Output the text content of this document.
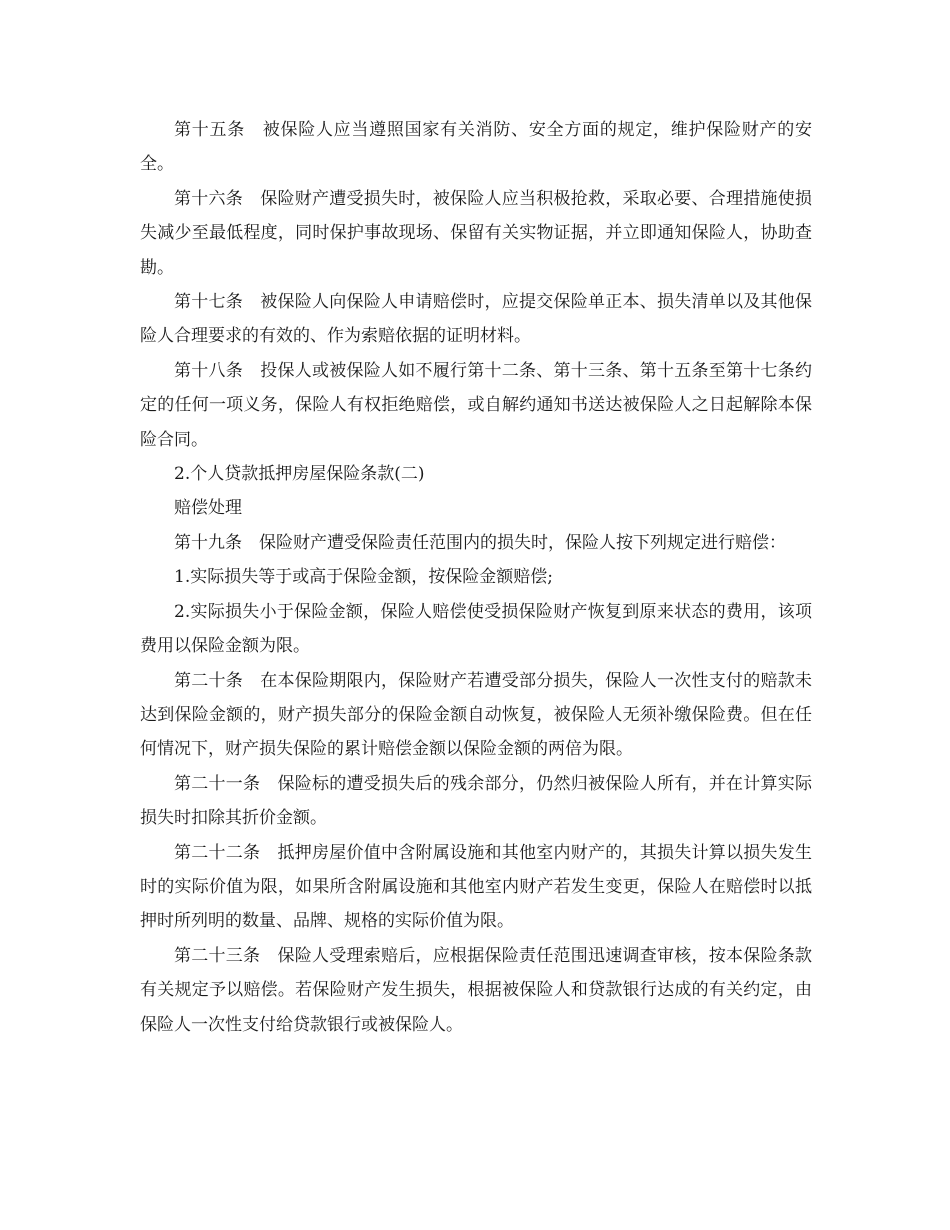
第十五条　被保险人应当遵照国家有关消防、安全方面的规定，维护保险财产的安全。

第十六条　保险财产遭受损失时，被保险人应当积极抢救，采取必要、合理措施使损失减少至最低程度，同时保护事故现场、保留有关实物证据，并立即通知保险人，协助查勘。

第十七条　被保险人向保险人申请赔偿时，应提交保险单正本、损失清单以及其他保险人合理要求的有效的、作为索赔依据的证明材料。

第十八条　投保人或被保险人如不履行第十二条、第十三条、第十五条至第十七条约定的任何一项义务，保险人有权拒绝赔偿，或自解约通知书送达被保险人之日起解除本保险合同。

2.个人贷款抵押房屋保险条款(二)

赔偿处理

第十九条　保险财产遭受保险责任范围内的损失时，保险人按下列规定进行赔偿：

1.实际损失等于或高于保险金额，按保险金额赔偿;

2.实际损失小于保险金额，保险人赔偿使受损保险财产恢复到原来状态的费用，该项费用以保险金额为限。

第二十条　在本保险期限内，保险财产若遭受部分损失，保险人一次性支付的赔款未达到保险金额的，财产损失部分的保险金额自动恢复，被保险人无须补缴保险费。但在任何情况下，财产损失保险的累计赔偿金额以保险金额的两倍为限。

第二十一条　保险标的遭受损失后的残余部分，仍然归被保险人所有，并在计算实际损失时扣除其折价金额。

第二十二条　抵押房屋价值中含附属设施和其他室内财产的，其损失计算以损失发生时的实际价值为限，如果所含附属设施和其他室内财产若发生变更，保险人在赔偿时以抵押时所列明的数量、品牌、规格的实际价值为限。

第二十三条　保险人受理索赔后，应根据保险责任范围迅速调查审核，按本保险条款有关规定予以赔偿。若保险财产发生损失，根据被保险人和贷款银行达成的有关约定，由保险人一次性支付给贷款银行或被保险人。
